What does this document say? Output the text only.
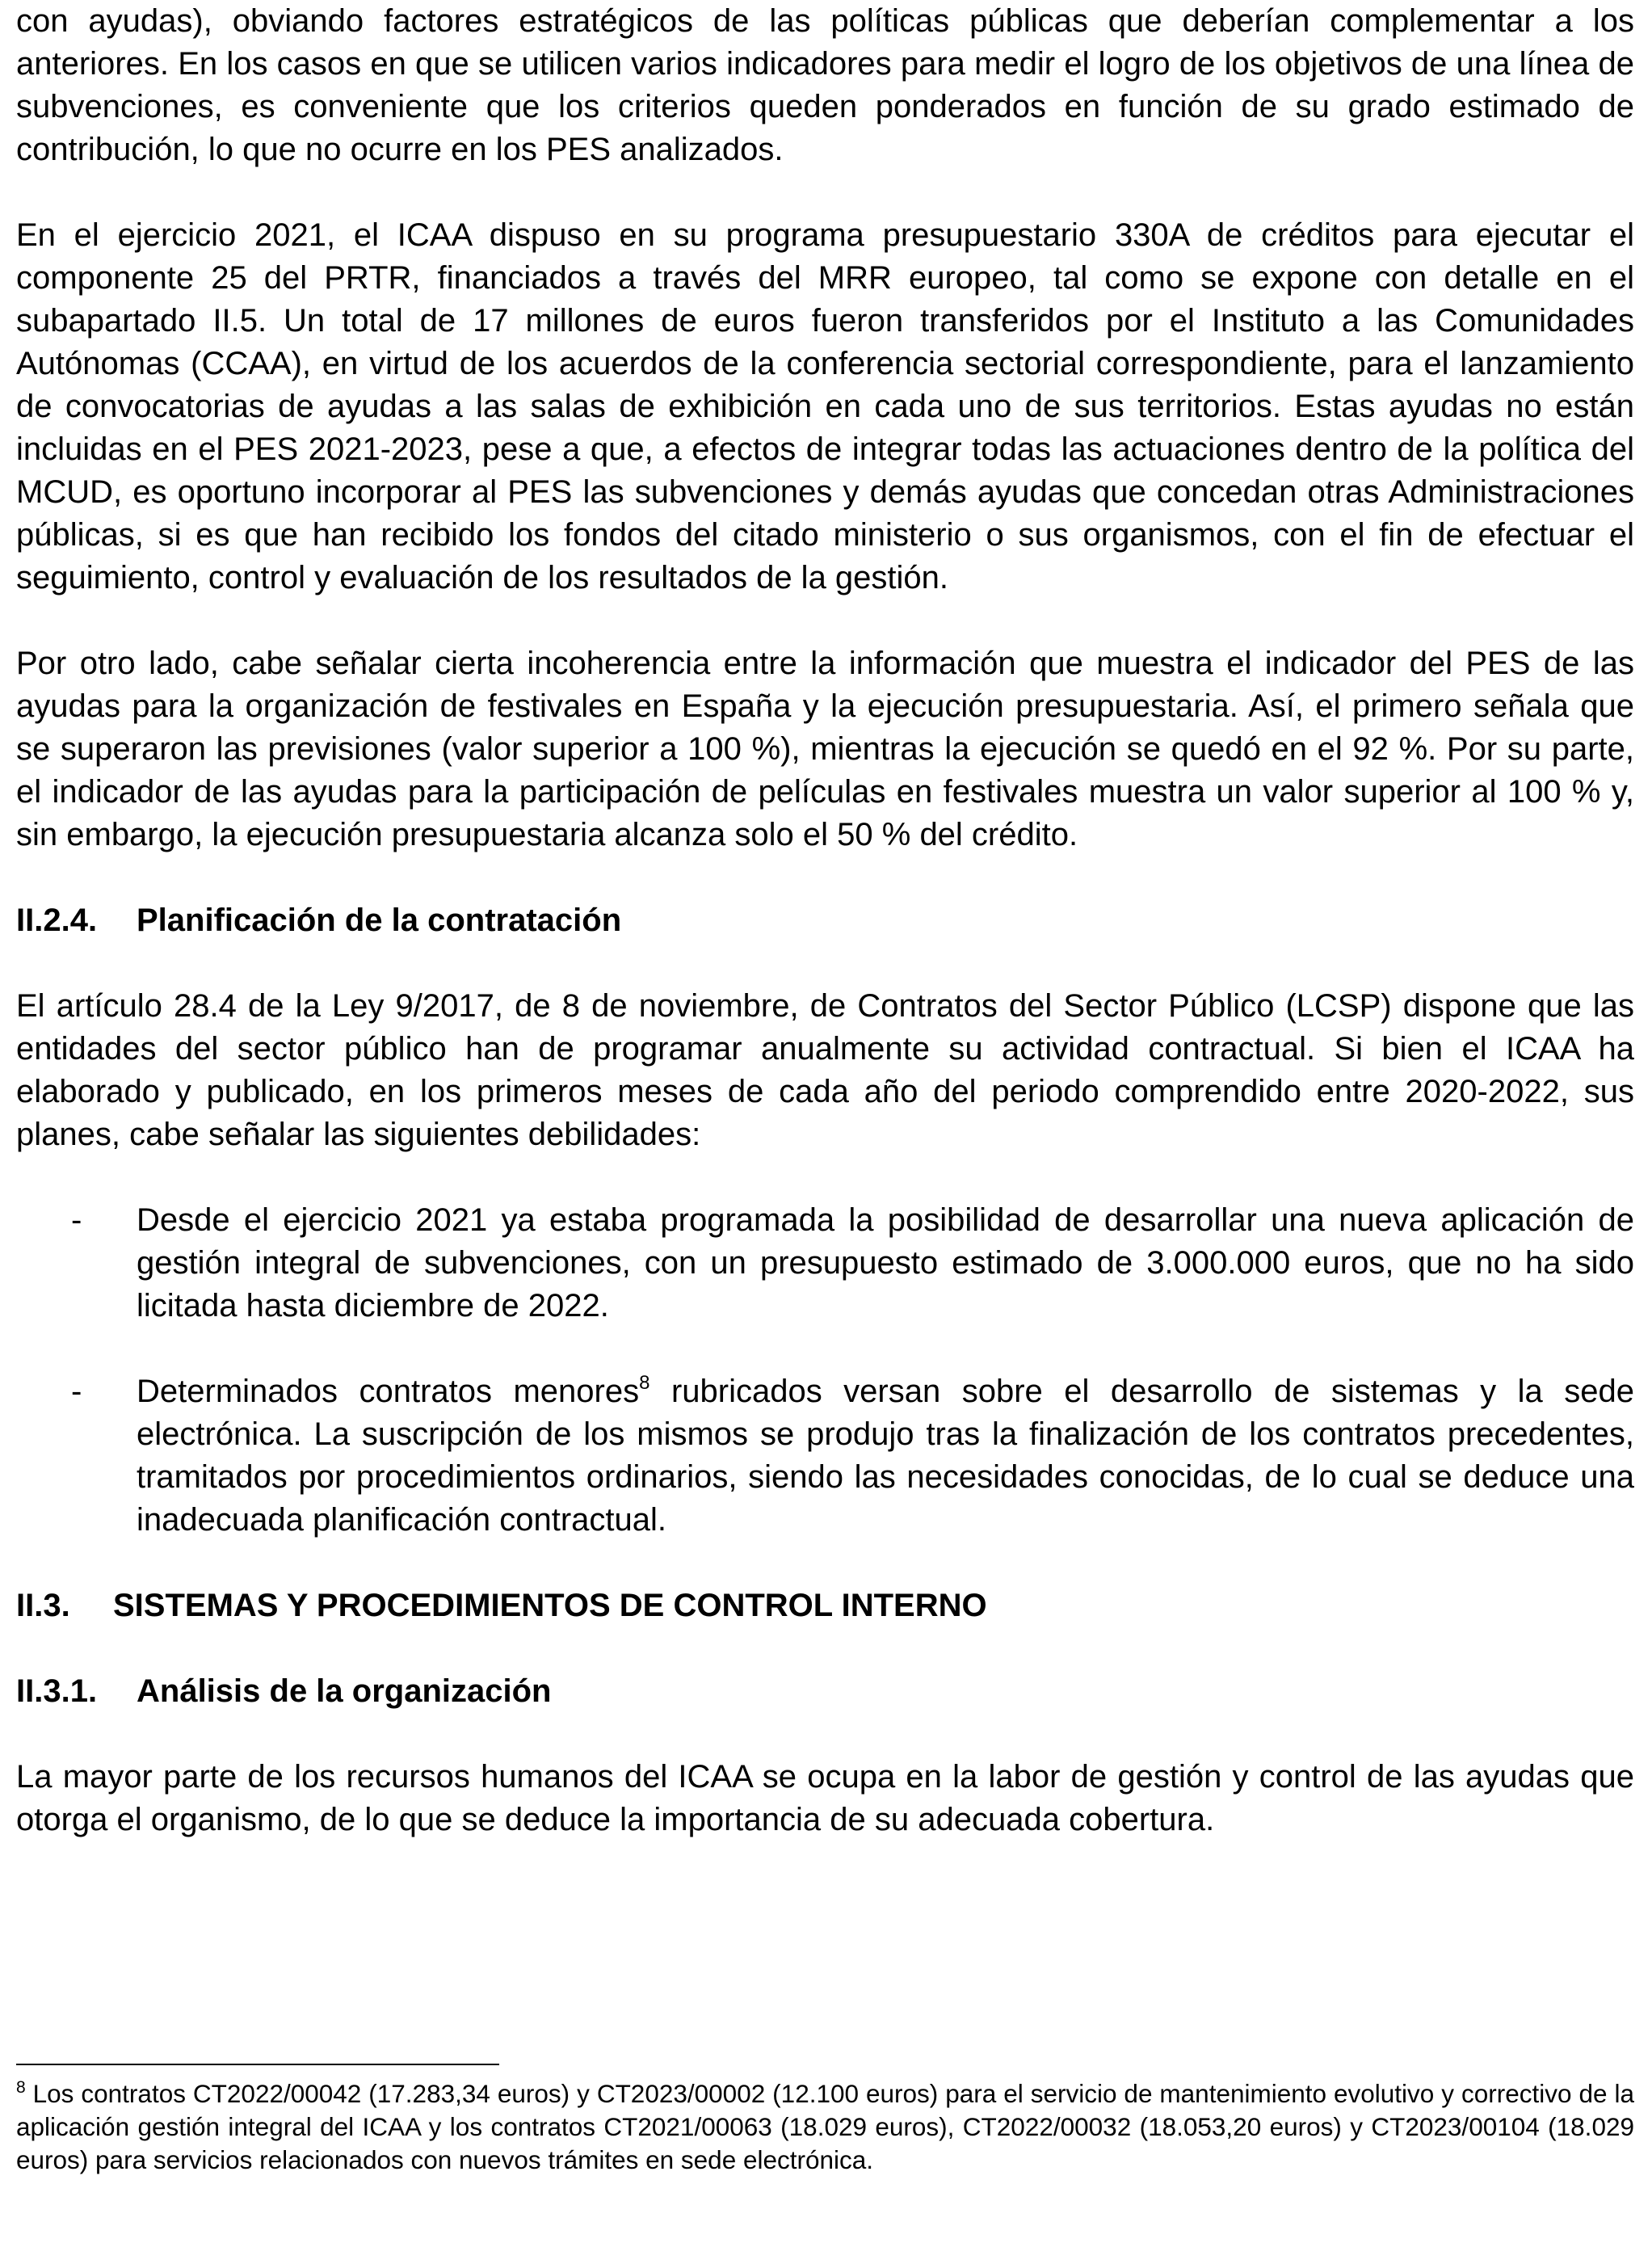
con ayudas), obviando factores estratégicos de las políticas públicas que deberían complementar a los anteriores. En los casos en que se utilicen varios indicadores para medir el logro de los objetivos de una línea de subvenciones, es conveniente que los criterios queden ponderados en función de su grado estimado de contribución, lo que no ocurre en los PES analizados.

En el ejercicio 2021, el ICAA dispuso en su programa presupuestario 330A de créditos para ejecutar el componente 25 del PRTR, financiados a través del MRR europeo, tal como se expone con detalle en el subapartado II.5. Un total de 17 millones de euros fueron transferidos por el Instituto a las Comunidades Autónomas (CCAA), en virtud de los acuerdos de la conferencia sectorial correspondiente, para el lanzamiento de convocatorias de ayudas a las salas de exhibición en cada uno de sus territorios. Estas ayudas no están incluidas en el PES 2021-2023, pese a que, a efectos de integrar todas las actuaciones dentro de la política del MCUD, es oportuno incorporar al PES las subvenciones y demás ayudas que concedan otras Administraciones públicas, si es que han recibido los fondos del citado ministerio o sus organismos, con el fin de efectuar el seguimiento, control y evaluación de los resultados de la gestión.

Por otro lado, cabe señalar cierta incoherencia entre la información que muestra el indicador del PES de las ayudas para la organización de festivales en España y la ejecución presupuestaria. Así, el primero señala que se superaron las previsiones (valor superior a 100 %), mientras la ejecución se quedó en el 92 %. Por su parte, el indicador de las ayudas para la participación de películas en festivales muestra un valor superior al 100 % y, sin embargo, la ejecución presupuestaria alcanza solo el 50 % del crédito.

II.2.4. Planificación de la contratación

El artículo 28.4 de la Ley 9/2017, de 8 de noviembre, de Contratos del Sector Público (LCSP) dispone que las entidades del sector público han de programar anualmente su actividad contractual. Si bien el ICAA ha elaborado y publicado, en los primeros meses de cada año del periodo comprendido entre 2020-2022, sus planes, cabe señalar las siguientes debilidades:

- Desde el ejercicio 2021 ya estaba programada la posibilidad de desarrollar una nueva aplicación de gestión integral de subvenciones, con un presupuesto estimado de 3.000.000 euros, que no ha sido licitada hasta diciembre de 2022.
- Determinados contratos menores$^8$ rubricados versan sobre el desarrollo de sistemas y la sede electrónica. La suscripción de los mismos se produjo tras la finalización de los contratos precedentes, tramitados por procedimientos ordinarios, siendo las necesidades conocidas, de lo cual se deduce una inadecuada planificación contractual.
II.3. SISTEMAS Y PROCEDIMIENTOS DE CONTROL INTERNO
II.3.1. Análisis de la organización

La mayor parte de los recursos humanos del ICAA se ocupa en la labor de gestión y control de las ayudas que otorga el organismo, de lo que se deduce la importancia de su adecuada cobertura.

$^8$ Los contratos CT2022/00042 (17.283,34 euros) y CT2023/00002 (12.100 euros) para el servicio de mantenimiento evolutivo y correctivo de la aplicación gestión integral del ICAA y los contratos CT2021/00063 (18.029 euros), CT2022/00032 (18.053,20 euros) y CT2023/00104 (18.029 euros) para servicios relacionados con nuevos trámites en sede electrónica.
